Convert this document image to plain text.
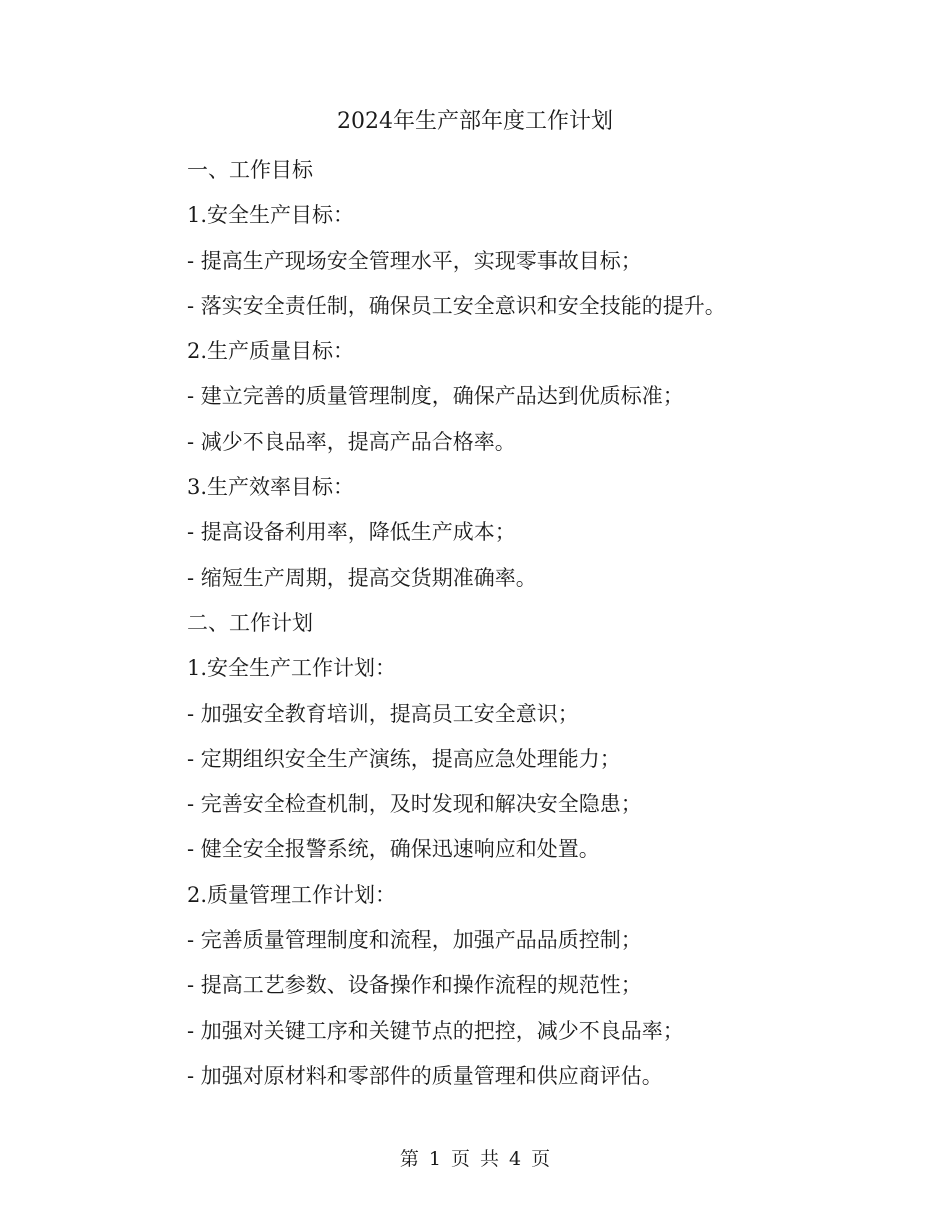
2024年生产部年度工作计划
一、工作目标
1.安全生产目标：
- 提高生产现场安全管理水平，实现零事故目标；
- 落实安全责任制，确保员工安全意识和安全技能的提升。
2.生产质量目标：
- 建立完善的质量管理制度，确保产品达到优质标准；
- 减少不良品率，提高产品合格率。
3.生产效率目标：
- 提高设备利用率，降低生产成本；
- 缩短生产周期，提高交货期准确率。
二、工作计划
1.安全生产工作计划：
- 加强安全教育培训，提高员工安全意识；
- 定期组织安全生产演练，提高应急处理能力；
- 完善安全检查机制，及时发现和解决安全隐患；
- 健全安全报警系统，确保迅速响应和处置。
2.质量管理工作计划：
- 完善质量管理制度和流程，加强产品品质控制；
- 提高工艺参数、设备操作和操作流程的规范性；
- 加强对关键工序和关键节点的把控，减少不良品率；
- 加强对原材料和零部件的质量管理和供应商评估。
第 1 页 共 4 页
